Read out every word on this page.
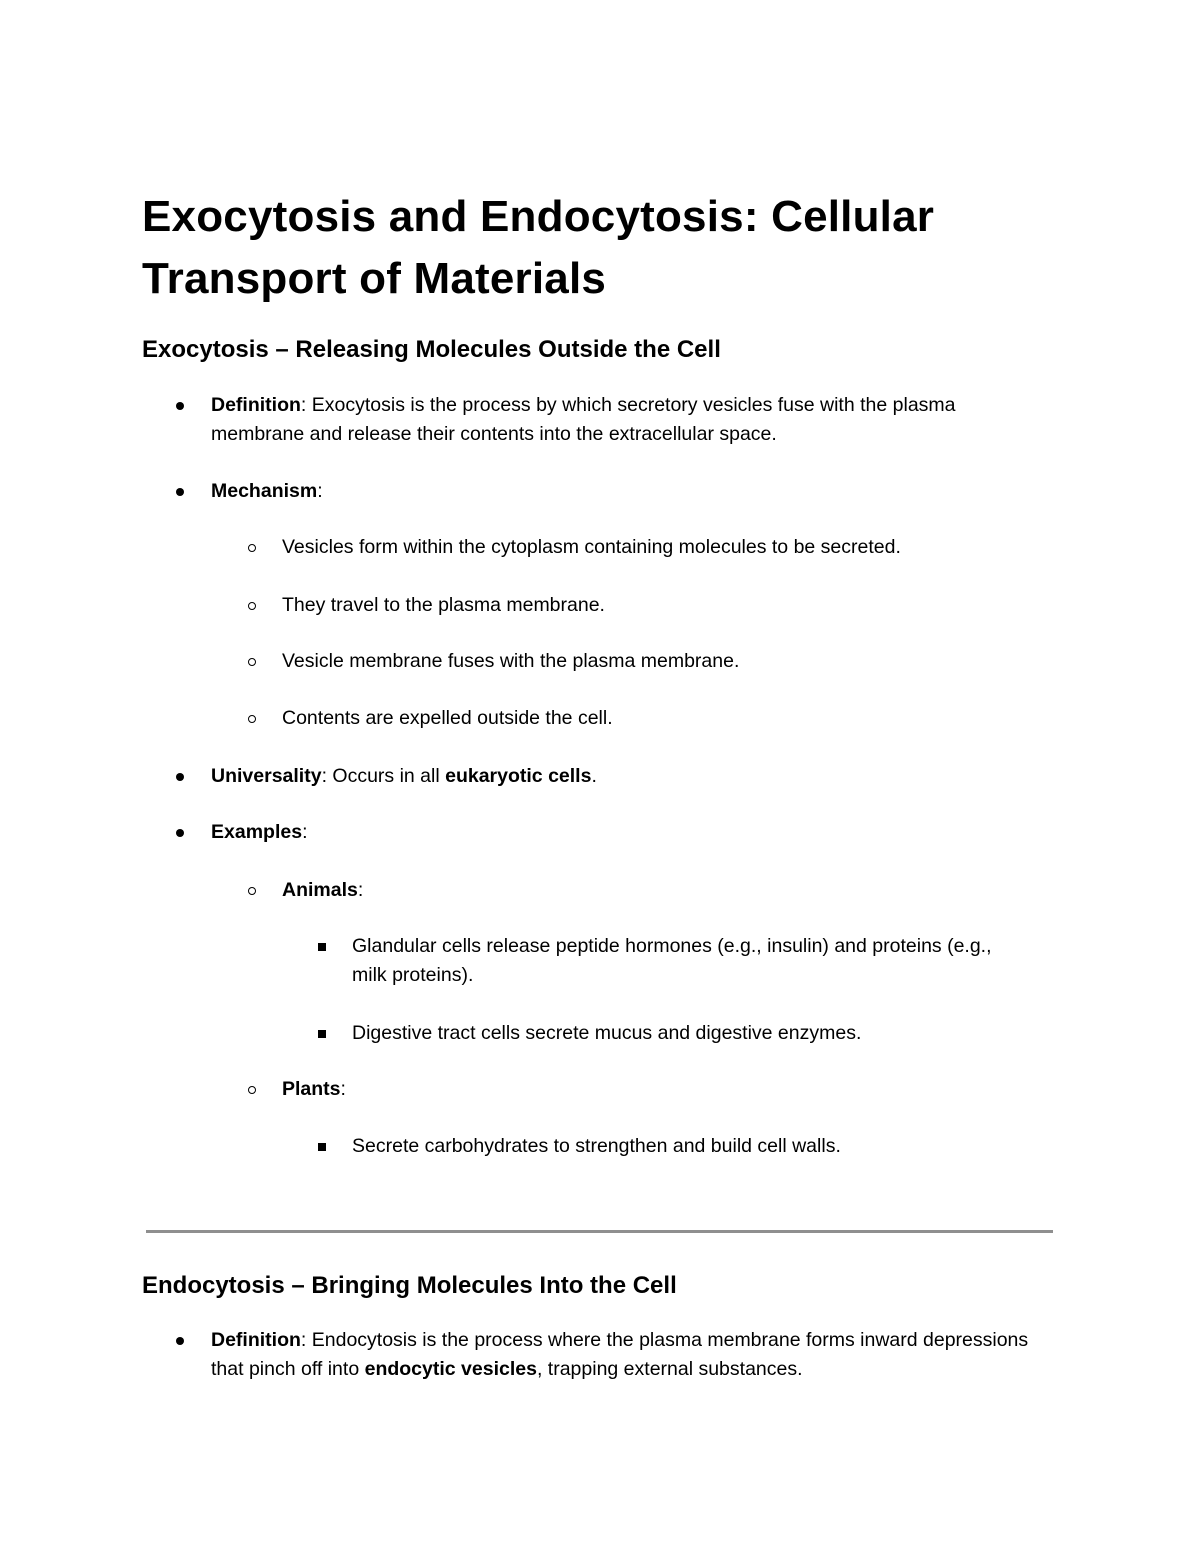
Exocytosis and Endocytosis: Cellular Transport of Materials
Exocytosis – Releasing Molecules Outside the Cell
Definition: Exocytosis is the process by which secretory vesicles fuse with the plasma membrane and release their contents into the extracellular space.
Mechanism:
Vesicles form within the cytoplasm containing molecules to be secreted.
They travel to the plasma membrane.
Vesicle membrane fuses with the plasma membrane.
Contents are expelled outside the cell.
Universality: Occurs in all eukaryotic cells.
Examples:
Animals:
Glandular cells release peptide hormones (e.g., insulin) and proteins (e.g., milk proteins).
Digestive tract cells secrete mucus and digestive enzymes.
Plants:
Secrete carbohydrates to strengthen and build cell walls.
Endocytosis – Bringing Molecules Into the Cell
Definition: Endocytosis is the process where the plasma membrane forms inward depressions that pinch off into endocytic vesicles, trapping external substances.
